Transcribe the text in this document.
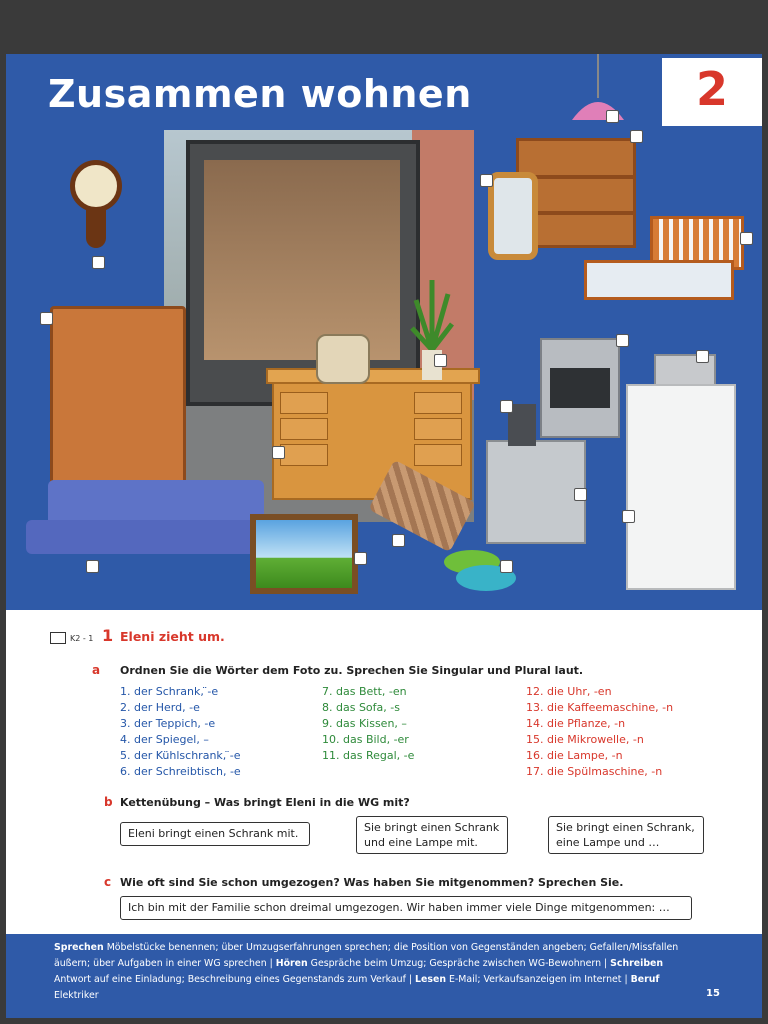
Zusammen wohnen	2
K2 - 1 1 Eleni zieht um.
a Ordnen Sie die Wörter dem Foto zu. Sprechen Sie Singular und Plural laut.
1. der Schrank, ̈-e
2. der Herd, -e
3. der Teppich, -e
4. der Spiegel, –
5. der Kühlschrank, ̈-e
6. der Schreibtisch, -e
7. das Bett, -en
8. das Sofa, -s
9. das Kissen, –
10. das Bild, -er
11. das Regal, -e
12. die Uhr, -en
13. die Kaffeemaschine, -n
14. die Pflanze, -n
15. die Mikrowelle, -n
16. die Lampe, -n
17. die Spülmaschine, -n
b Kettenübung – Was bringt Eleni in die WG mit?
Eleni bringt einen Schrank mit.	Sie bringt einen Schrank
und eine Lampe mit.
Sie bringt einen Schrank,
eine Lampe und …
c Wie oft sind Sie schon umgezogen? Was haben Sie mitgenommen? Sprechen Sie.
Ich bin mit der Familie schon dreimal umgezogen. Wir haben immer viele Dinge mitgenommen: …
Sprechen Möbelstücke benennen; über Umzugserfahrungen sprechen; die Position von Gegenständen angeben; Gefallen/Missfallen äußern; über Aufgaben in einer WG sprechen | Hören Gespräche beim Umzug; Gespräche zwischen WG-Bewohnern | Schreiben Antwort auf eine Einladung; Beschreibung eines Gegenstands zum Verkauf | Lesen E-Mail; Verkaufsanzeigen im Internet | Beruf Elektriker	15
